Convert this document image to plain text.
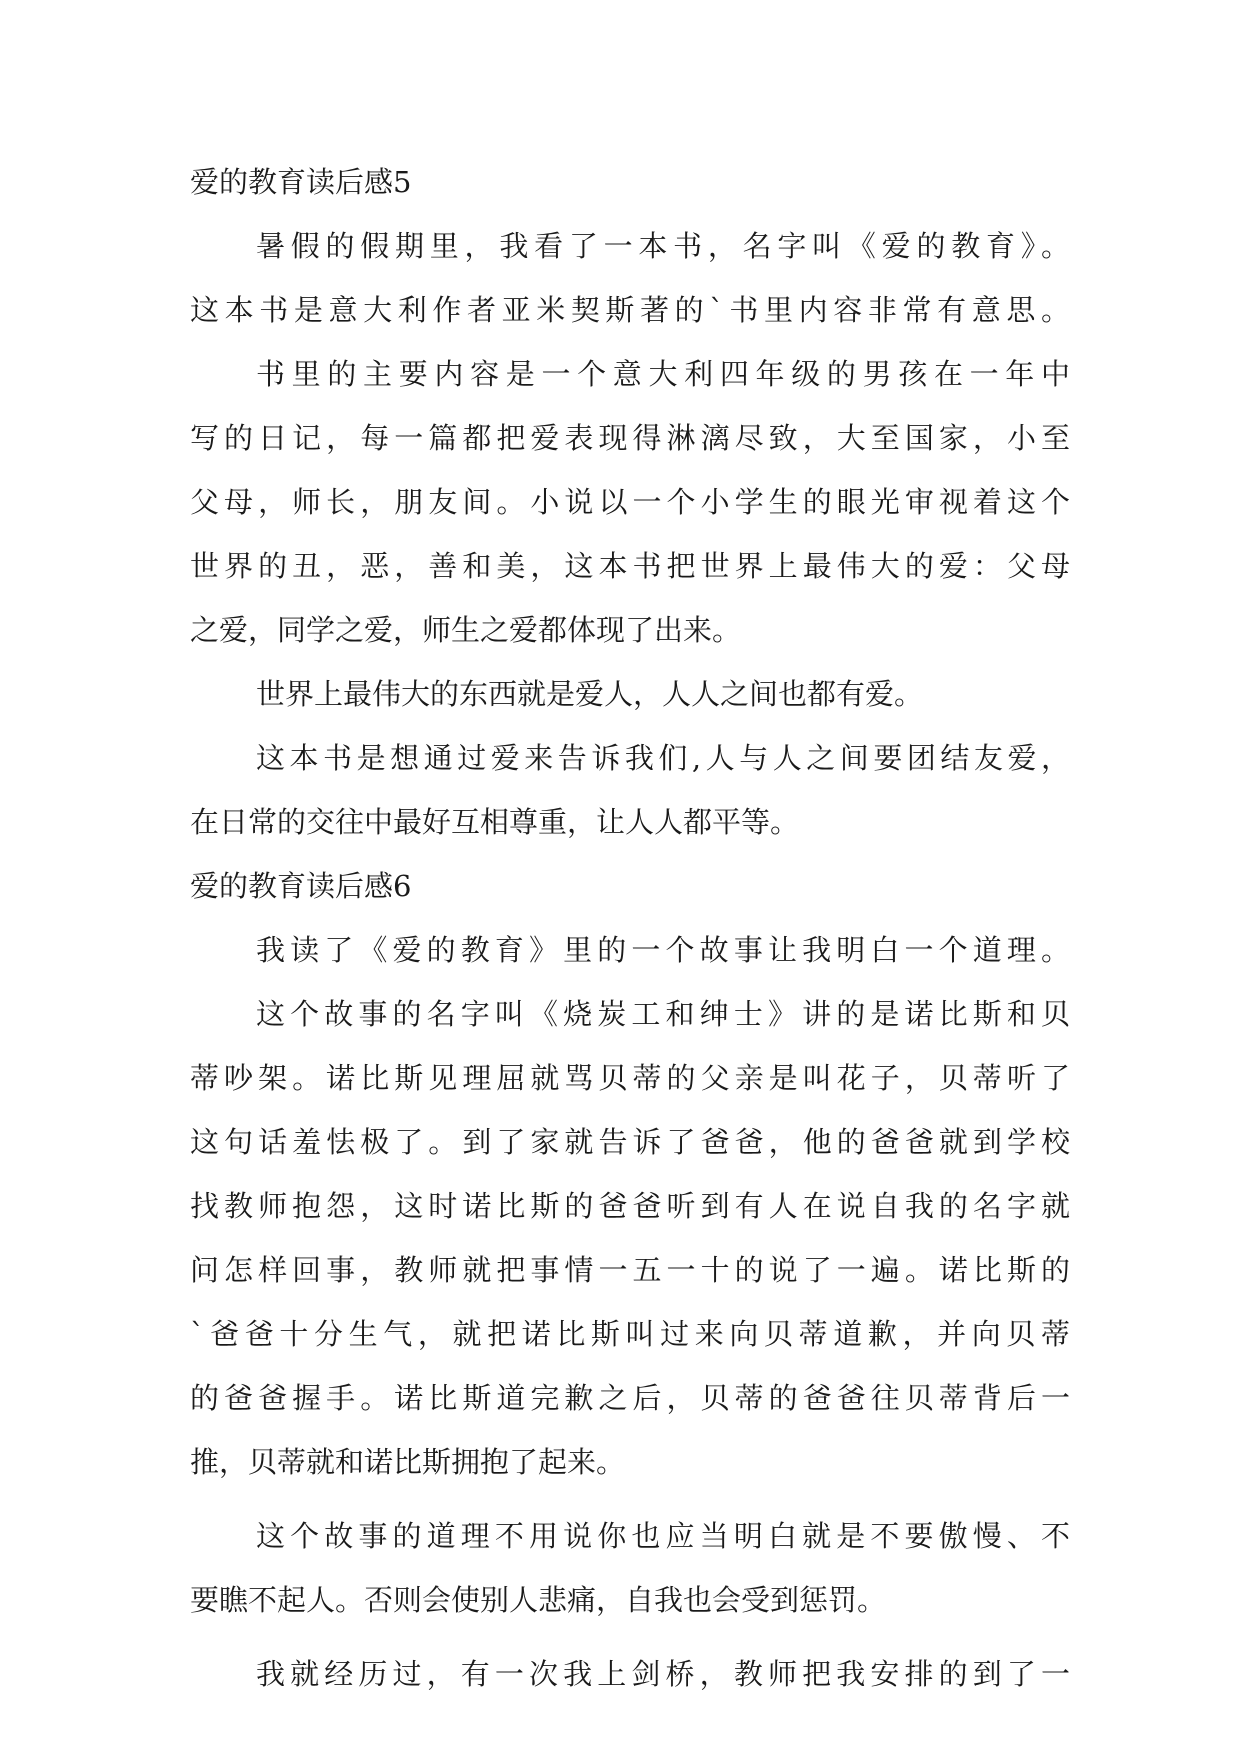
爱的教育读后感5
暑假的假期里，我看了一本书，名字叫《爱的教育》。
这本书是意大利作者亚米契斯著的`书里内容非常有意思。
书里的主要内容是一个意大利四年级的男孩在一年中
写的日记，每一篇都把爱表现得淋漓尽致，大至国家，小至
父母，师长，朋友间。小说以一个小学生的眼光审视着这个
世界的丑，恶，善和美，这本书把世界上最伟大的爱：父母
之爱，同学之爱，师生之爱都体现了出来。
世界上最伟大的东西就是爱人，人人之间也都有爱。
这本书是想通过爱来告诉我们,人与人之间要团结友爱，
在日常的交往中最好互相尊重，让人人都平等。
爱的教育读后感6
我读了《爱的教育》里的一个故事让我明白一个道理。
这个故事的名字叫《烧炭工和绅士》讲的是诺比斯和贝
蒂吵架。诺比斯见理屈就骂贝蒂的父亲是叫花子，贝蒂听了
这句话羞怯极了。到了家就告诉了爸爸，他的爸爸就到学校
找教师抱怨，这时诺比斯的爸爸听到有人在说自我的名字就
问怎样回事，教师就把事情一五一十的说了一遍。诺比斯的
`爸爸十分生气，就把诺比斯叫过来向贝蒂道歉，并向贝蒂
的爸爸握手。诺比斯道完歉之后，贝蒂的爸爸往贝蒂背后一
推，贝蒂就和诺比斯拥抱了起来。
这个故事的道理不用说你也应当明白就是不要傲慢、不
要瞧不起人。否则会使别人悲痛，自我也会受到惩罚。
我就经历过，有一次我上剑桥，教师把我安排的到了一
